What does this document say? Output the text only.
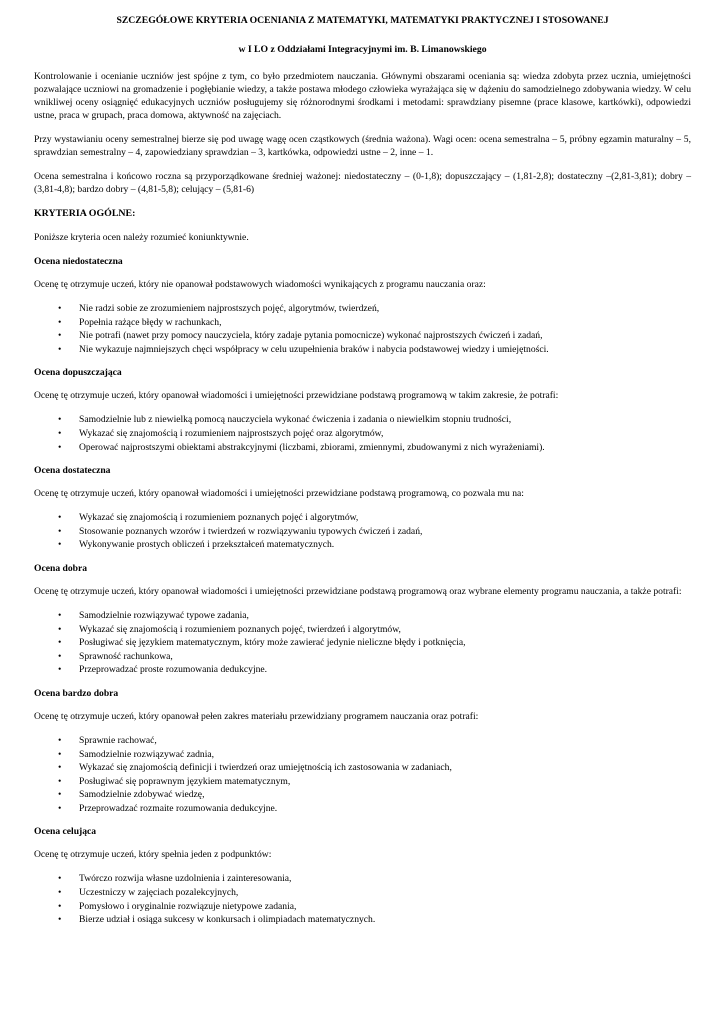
SZCZEGÓŁOWE KRYTERIA OCENIANIA Z MATEMATYKI, MATEMATYKI PRAKTYCZNEJ I STOSOWANEJ
w I LO z Oddziałami Integracyjnymi im. B. Limanowskiego

Kontrolowanie i ocenianie uczniów jest spójne z tym, co było przedmiotem nauczania. Głównymi obszarami oceniania są: wiedza zdobyta przez ucznia, umiejętności pozwalające uczniowi na gromadzenie i pogłębianie wiedzy, a także postawa młodego człowieka wyrażająca się w dążeniu do samodzielnego zdobywania wiedzy. W celu wnikliwej oceny osiągnięć edukacyjnych uczniów posługujemy się różnorodnymi środkami i metodami: sprawdziany pisemne (prace klasowe, kartkówki), odpowiedzi ustne, praca w grupach, praca domowa, aktywność na zajęciach.

Przy wystawianiu oceny semestralnej bierze się pod uwagę wagę ocen cząstkowych (średnia ważona). Wagi ocen: ocena semestralna – 5, próbny egzamin maturalny – 5, sprawdzian semestralny – 4, zapowiedziany sprawdzian – 3, kartkówka, odpowiedzi ustne – 2, inne – 1.

Ocena semestralna i końcowo roczna są przyporządkowane średniej ważonej: niedostateczny – (0-1,8); dopuszczający – (1,81-2,8); dostateczny –(2,81-3,81); dobry – (3,81-4,8); bardzo dobry – (4,81-5,8); celujący – (5,81-6)

KRYTERIA OGÓLNE:

Poniższe kryteria ocen należy rozumieć koniunktywnie.

Ocena niedostateczna

Ocenę tę otrzymuje uczeń, który nie opanował podstawowych wiadomości wynikających z programu nauczania oraz:

• Nie radzi sobie ze zrozumieniem najprostszych pojęć, algorytmów, twierdzeń,
• Popełnia rażące błędy w rachunkach,
• Nie potrafi (nawet przy pomocy nauczyciela, który zadaje pytania pomocnicze) wykonać najprostszych ćwiczeń i zadań,
• Nie wykazuje najmniejszych chęci współpracy w celu uzupełnienia braków i nabycia podstawowej wiedzy i umiejętności.
Ocena dopuszczająca

Ocenę tę otrzymuje uczeń, który opanował wiadomości i umiejętności przewidziane podstawą programową w takim zakresie, że potrafi:

• Samodzielnie lub z niewielką pomocą nauczyciela wykonać ćwiczenia i zadania o niewielkim stopniu trudności,
• Wykazać się znajomością i rozumieniem najprostszych pojęć oraz algorytmów,
• Operować najprostszymi obiektami abstrakcyjnymi (liczbami, zbiorami, zmiennymi, zbudowanymi z nich wyrażeniami).
Ocena dostateczna

Ocenę tę otrzymuje uczeń, który opanował wiadomości i umiejętności przewidziane podstawą programową, co pozwala mu na:

• Wykazać się znajomością i rozumieniem poznanych pojęć i algorytmów,
• Stosowanie poznanych wzorów i twierdzeń w rozwiązywaniu typowych ćwiczeń i zadań,
• Wykonywanie prostych obliczeń i przekształceń matematycznych.
Ocena dobra

Ocenę tę otrzymuje uczeń, który opanował wiadomości i umiejętności przewidziane podstawą programową oraz wybrane elementy programu nauczania, a także potrafi:

• Samodzielnie rozwiązywać typowe zadania,
• Wykazać się znajomością i rozumieniem poznanych pojęć, twierdzeń i algorytmów,
• Posługiwać się językiem matematycznym, który może zawierać jedynie nieliczne błędy i potknięcia,
• Sprawność rachunkowa,
• Przeprowadzać proste rozumowania dedukcyjne.
Ocena bardzo dobra

Ocenę tę otrzymuje uczeń, który opanował pełen zakres materiału przewidziany programem nauczania oraz potrafi:

• Sprawnie rachować,
• Samodzielnie rozwiązywać zadnia,
• Wykazać się znajomością definicji i twierdzeń oraz umiejętnością ich zastosowania w zadaniach,
• Posługiwać się poprawnym językiem matematycznym,
• Samodzielnie zdobywać wiedzę,
• Przeprowadzać rozmaite rozumowania dedukcyjne.
Ocena celująca

Ocenę tę otrzymuje uczeń, który spełnia jeden z podpunktów:

• Twórczo rozwija własne uzdolnienia i zainteresowania,
• Uczestniczy w zajęciach pozalekcyjnych,
• Pomysłowo i oryginalnie rozwiązuje nietypowe zadania,
• Bierze udział i osiąga sukcesy w konkursach i olimpiadach matematycznych.
